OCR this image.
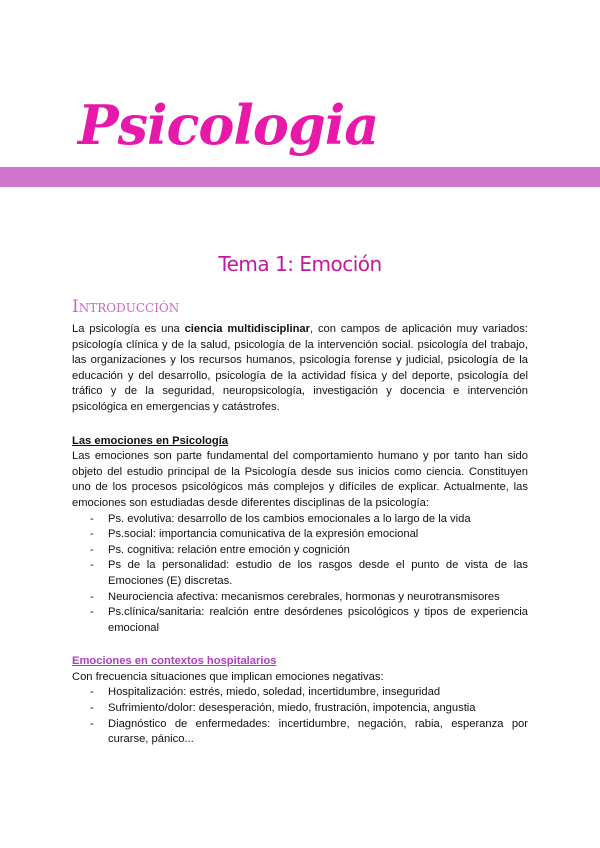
Psicologia
Tema 1: Emoción
Introducción

La psicología es una ciencia multidisciplinar, con campos de aplicación muy variados: psicología clínica y de la salud, psicología de la intervención social. psicología del trabajo, las organizaciones y los recursos humanos, psicología forense y judicial, psicología de la educación y del desarrollo, psicología de la actividad física y del deporte, psicología del tráfico y de la seguridad, neuropsicología, investigación y docencia e intervención psicológica en emergencias y catástrofes.

Las emociones en Psicología

Las emociones son parte fundamental del comportamiento humano y por tanto han sido objeto del estudio principal de la Psicología desde sus inicios como ciencia. Constituyen uno de los procesos psicológicos más complejos y difíciles de explicar. Actualmente, las emociones son estudiadas desde diferentes disciplinas de la psicología:

- Ps. evolutiva: desarrollo de los cambios emocionales a lo largo de la vida
- Ps.social: importancia comunicativa de la expresión emocional
- Ps. cognitiva: relación entre emoción y cognición
- Ps de la personalidad: estudio de los rasgos desde el punto de vista de las Emociones (E) discretas.
- Neurociencia afectiva: mecanismos cerebrales, hormonas y neurotransmisores
- Ps.clínica/sanitaria: realción entre desórdenes psicológicos y tipos de experiencia emocional
Emociones en contextos hospitalarios

Con frecuencia situaciones que implican emociones negativas:

- Hospitalización: estrés, miedo, soledad, incertidumbre, inseguridad
- Sufrimiento/dolor: desesperación, miedo, frustración, impotencia, angustia
- Diagnóstico de enfermedades: incertidumbre, negación, rabia, esperanza por curarse, pánico...
